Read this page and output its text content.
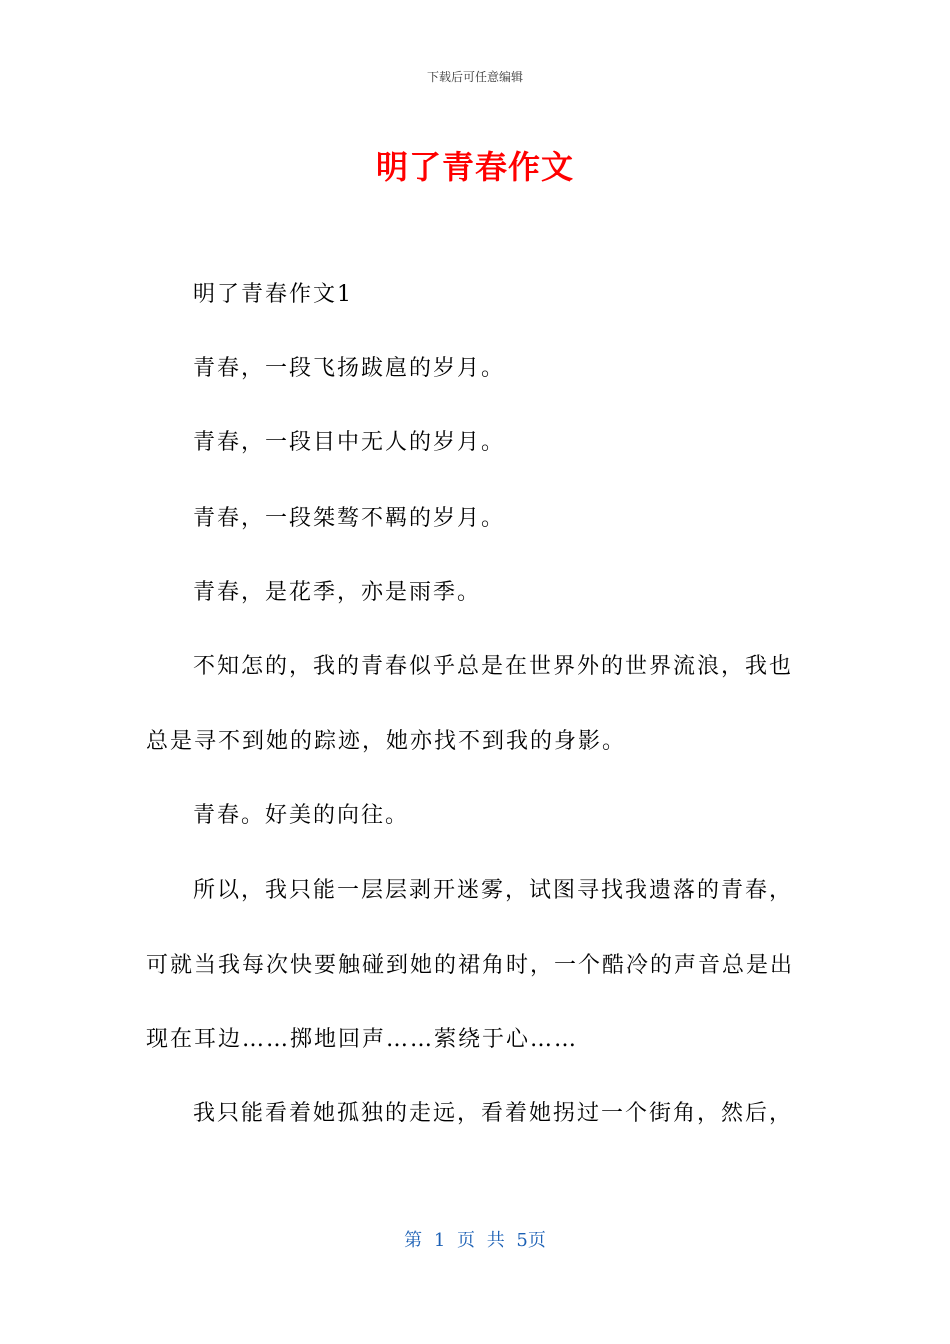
下载后可任意编辑
明了青春作文
明了青春作文1
青春，一段飞扬跋扈的岁月。
青春，一段目中无人的岁月。
青春，一段桀骜不羁的岁月。
青春，是花季，亦是雨季。
不知怎的，我的青春似乎总是在世界外的世界流浪，我也
总是寻不到她的踪迹，她亦找不到我的身影。
青春。好美的向往。
所以，我只能一层层剥开迷雾，试图寻找我遗落的青春，
可就当我每次快要触碰到她的裙角时，一个酷冷的声音总是出
现在耳边……掷地回声……萦绕于心……
我只能看着她孤独的走远，看着她拐过一个街角，然后，
第 1 页 共 5页
